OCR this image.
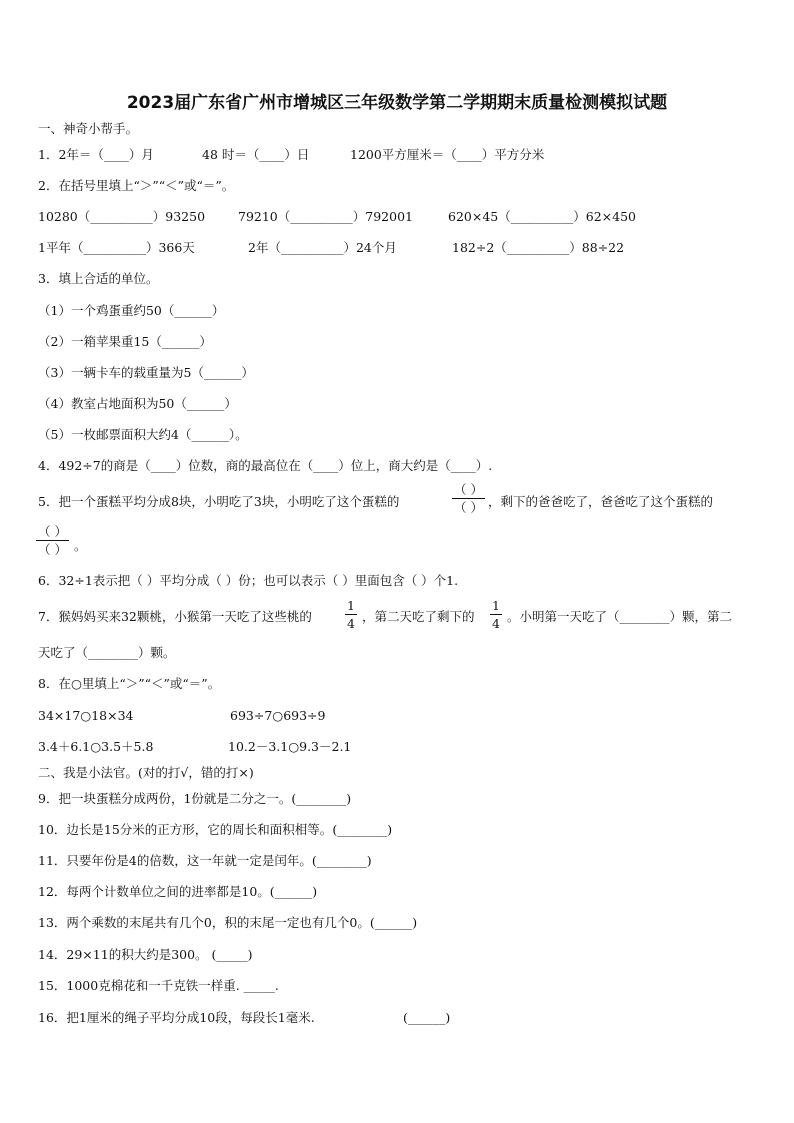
2023届广东省广州市增城区三年级数学第二学期期末质量检测模拟试题
一、神奇小帮手。
1．2年＝（____）月	48 时＝（____）日	1200平方厘米＝（____）平方分米
2．在括号里填上“＞”“＜”或“＝”。
10280（__________）93250	79210（__________）792001	620×45（__________）62×450
1平年（__________）366天	2年（__________）24个月	182÷2（__________）88÷22
3．填上合适的单位。
（1）一个鸡蛋重约50（______）
（2）一箱苹果重15（______）
（3）一辆卡车的载重量为5（______）
（4）教室占地面积为50（______）
（5）一枚邮票面积大约4（______）。
4．492÷7的商是（____）位数，商的最高位在（____）位上，商大约是（____）.
5．把一个蛋糕平均分成8块，小明吃了3块，小明吃了这个蛋糕的
（ ）
（ ） ，剩下的爸爸吃了，爸爸吃了这个蛋糕的
（ ）
（ ） 。
6．32÷1表示把（ ）平均分成（ ）份；也可以表示（ ）里面包含（ ）个1.
7．猴妈妈买来32颗桃，小猴第一天吃了这些桃的
1
4 ，第二天吃了剩下的
1
4 。小明第一天吃了（________）颗，第二
天吃了（________）颗。
8．在○里填上“＞”“＜”或“＝”。
34×17○18×34	693÷7○693÷9
3.4＋6.1○3.5＋5.8	10.2－3.1○9.3－2.1
二、我是小法官。(对的打√，错的打×)
9．把一块蛋糕分成两份，1份就是二分之一。(________)
10．边长是15分米的正方形，它的周长和面积相等。(________)
11．只要年份是4的倍数，这一年就一定是闰年。(________)
12．每两个计数单位之间的进率都是10。(______)
13．两个乘数的末尾共有几个0，积的末尾一定也有几个0。(______)
14．29×11的积大约是300。 (_____)
15．1000克棉花和一千克铁一样重. _____.
16．把1厘米的绳子平均分成10段，每段长1毫米.	(______)
